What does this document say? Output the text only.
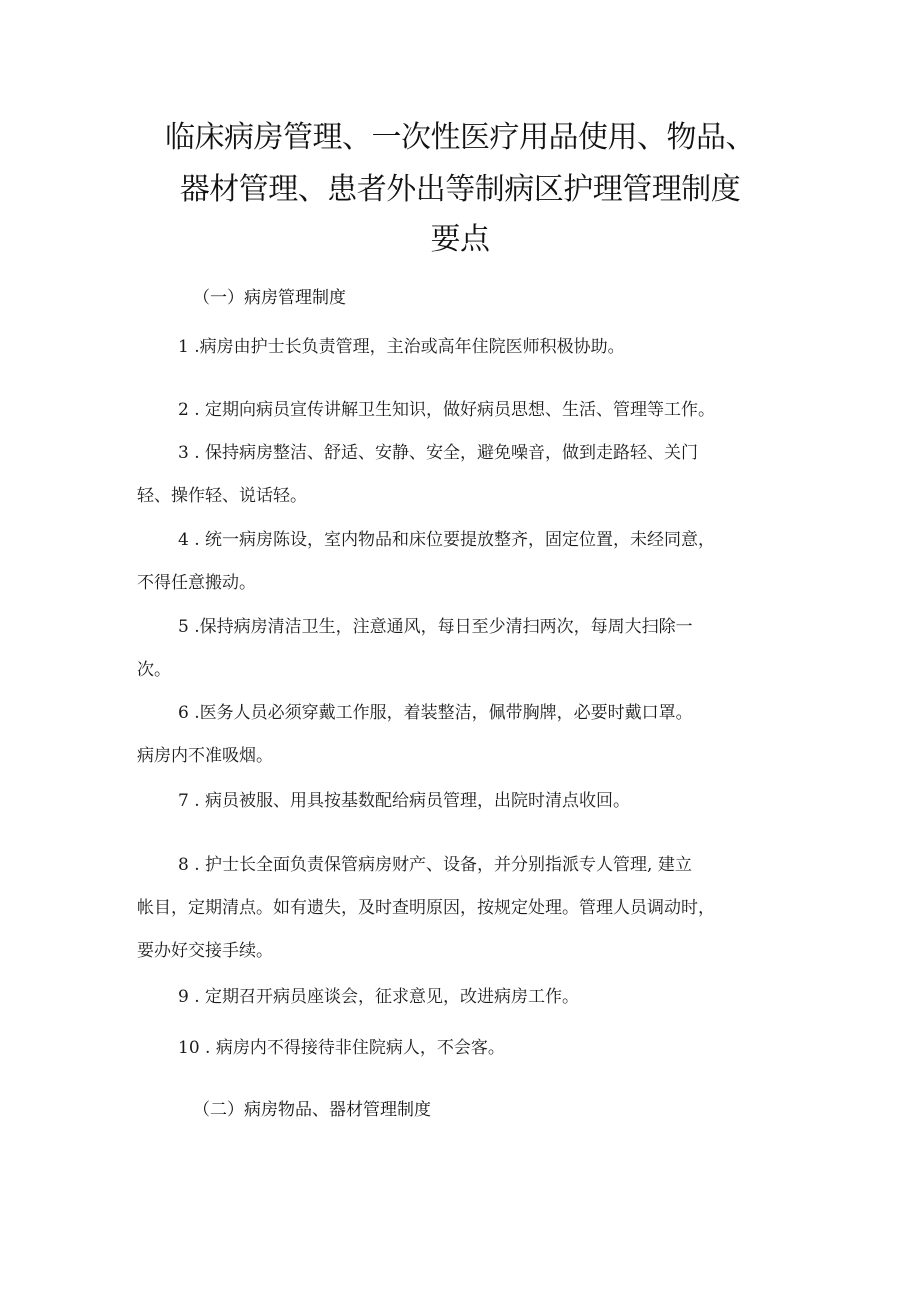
临床病房管理、一次性医疗用品使用、物品、
器材管理、患者外出等制病区护理管理制度
要点
（一）病房管理制度
1 .病房由护士长负责管理，主治或高年住院医师积极协助。
2 . 定期向病员宣传讲解卫生知识，做好病员思想、生活、管理等工作。
3 . 保持病房整洁、舒适、安静、安全，避免噪音，做到走路轻、关门
轻、操作轻、说话轻。
4 . 统一病房陈设，室内物品和床位要提放整齐，固定位置，未经同意，
不得任意搬动。
5 .保持病房清洁卫生，注意通风，每日至少清扫两次，每周大扫除一
次。
6 .医务人员必须穿戴工作服，着装整洁，佩带胸牌，必要时戴口罩。
病房内不准吸烟。
7 . 病员被服、用具按基数配给病员管理，出院时清点收回。
8 . 护士长全面负责保管病房财产、设备，并分别指派专人管理, 建立
帐目，定期清点。如有遗失，及时查明原因，按规定处理。管理人员调动时，
要办好交接手续。
9 . 定期召开病员座谈会，征求意见，改进病房工作。
10 . 病房内不得接待非住院病人，不会客。
（二）病房物品、器材管理制度
